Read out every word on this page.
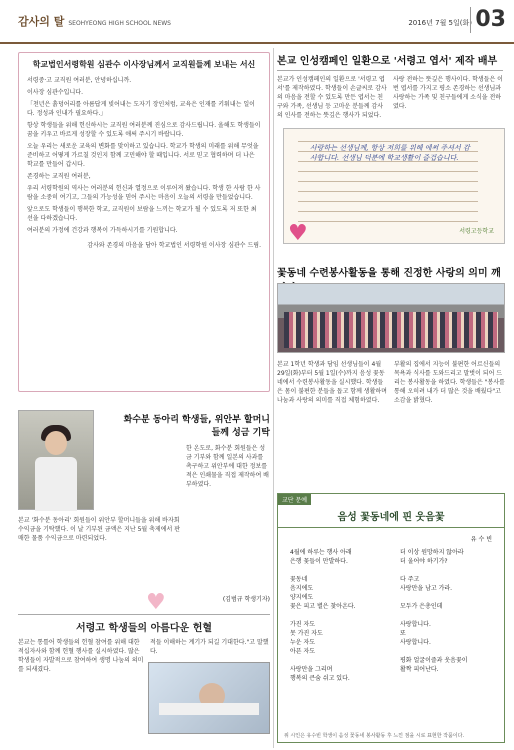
감사의 탈 SEOHYEONG HIGH SCHOOL NEWS	2016년 7월 5일(화) 03
학교법인서령학원 심관수 이사장님께서 교직원들께 보내는 서신

서령중·고 교직원 여러분, 안녕하십니까.

이사장 심관수입니다.

「천년은 흙덩어리를 아름답게 빚어내는 도자기 장인처럼, 교육은 인재를 키워내는 일이다. 정성과 인내가 필요하다.」

항상 학생들을 위해 헌신하시는 교직원 여러분께 진심으로 감사드립니다. 올해도 학생들이 꿈을 키우고 바르게 성장할 수 있도록 애써 주시기 바랍니다.

오늘 우리는 새로운 교육의 변화를 맞이하고 있습니다. 학교가 학생의 미래를 위해 무엇을 준비하고 어떻게 가르칠 것인지 함께 고민해야 할 때입니다. 서로 믿고 협력하며 더 나은 학교를 만들어 갑시다.

존경하는 교직원 여러분,

우리 서령학원의 역사는 여러분의 헌신과 열정으로 이루어져 왔습니다. 학생 한 사람 한 사람을 소중히 여기고, 그들의 가능성을 믿어 주시는 마음이 오늘의 서령을 만들었습니다.

앞으로도 학생들이 행복한 학교, 교직원이 보람을 느끼는 학교가 될 수 있도록 저 또한 최선을 다하겠습니다.

여러분의 가정에 건강과 행복이 가득하시기를 기원합니다.

감사와 존경의 마음을 담아 학교법인 서령학원 이사장 심관수 드림.

본교 인성캠페인 일환으로 '서령고 엽서' 제작 배부
본교가 인성캠페인의 일환으로 '서령고 엽서'를 제작하였다. 학생들이 손글씨로 감사의 마음을 전할 수 있도록 만든 엽서는 친구와 가족, 선생님 등 고마운 분들께 감사의 인사를 전하는 뜻깊은 행사가 되었다.
사랑 전하는 뜻깊은 행사이다. 학생들은 이번 엽서를 가지고 평소 존경하는 선생님과 사랑하는 가족 및 친구들에게 소식을 전하였다.
사랑하는 선생님께, 항상 저희를 위해 애써 주셔서 감사합니다. 선생님 덕분에 학교생활이 즐겁습니다.
♥	서령고등학교
꽃동네 수련봉사활동을 통해 진정한 사랑의 의미 깨
본교 1학년 학생과 담임 선생님들이 4월 29일(화)부터 5월 1일(수)까지 음성 꽃동네에서 수련봉사활동을 실시했다. 학생들은 몸이 불편한 분들을 돕고 함께 생활하며 나눔과 사랑의 의미를 직접 체험하였다.
부활의 집에서 지능이 불편한 어르신들의 목욕과 식사를 도와드리고 말벗이 되어 드리는 봉사활동을 하였다. 학생들은 "봉사를 통해 오히려 내가 더 많은 것을 배웠다"고 소감을 밝혔다.
화수분 동아리 학생들, 위안부 할머니들께 성금 기탁
한 온도로, 화수분 회원들은 성금 기부와 함께 일본의 사과를 촉구하고 위안부에 대한 정보를 적은 인쇄물을 직접 제작하여 배부하였다.
본교 '화수분 동아리' 회원들이 위안부 할머니들을 위해 바자회 수익금을 기탁했다. 이 날 기부된 금액은 지난 5월 축제에서 판매한 물품 수익금으로 마련되었다.
(김범규 학생기자)
♥
서령고 학생들의 아름다운 헌혈
본교는 통틀어 학생들의 헌혈 참여를 위해 대한적십자사와 함께 헌혈 행사를 실시하였다. 많은 학생들이 자발적으로 참여하여 생명 나눔의 의미를 되새겼다.
적들 이해하는 계기가 되길 기대한다."고 말했다.
교단 문예
음성 꽃동네에 핀 웃음꽃
유 수 빈
4월에 하루는 행사 아래
은행 꽃들이 만발하다.

꽃동네
음지에도
양지에도
꽃은 피고 별은 찾아온다.

가진 자도
못 가진 자도
누운 자도
아픈 자도

사랑만을 그리며
행복의 큰숨 쉬고 있다.
더 이상 원망하지 않아라
더 울어야 하기가?

다 주고
사랑만을 남고 가라.

모두가 은총인데

사랑합니다.
또
사랑합니다.

평화 얼굴이즐과 웃음꽃이
활짝 피어난다.
위 시인은 유수빈 학생이 음성 꽃동네 봉사활동 후 느낀 점을 시로 표현한 작품이다.
